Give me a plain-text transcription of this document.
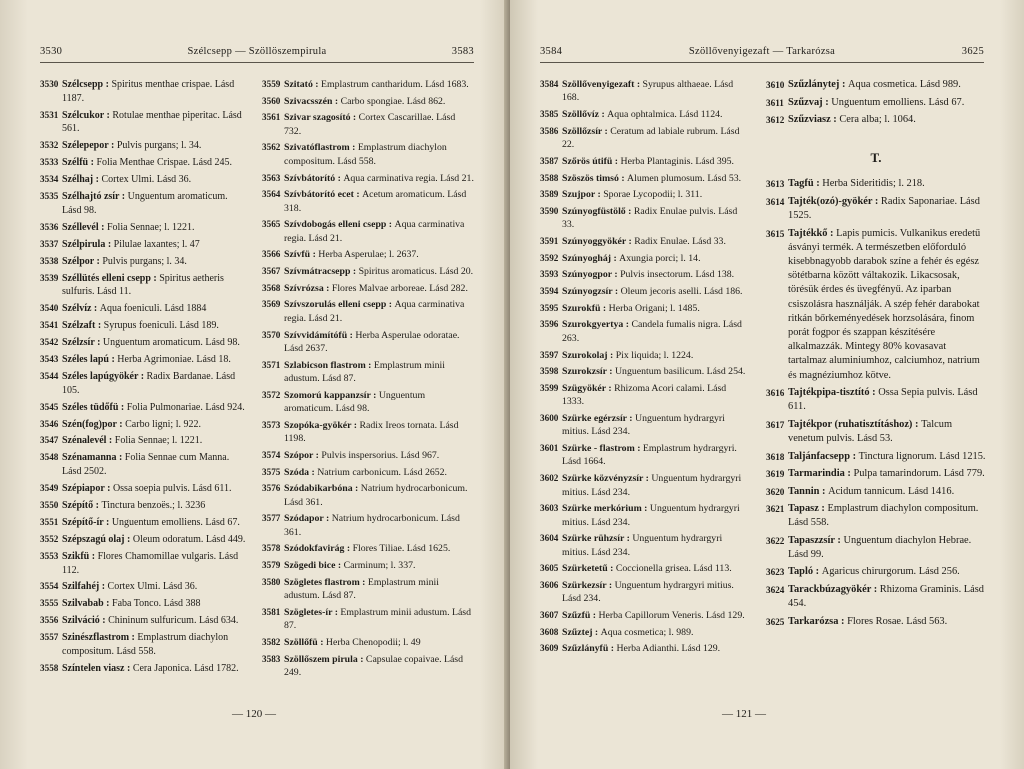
3530	Szélcsepp — Szöllöszempirula	3583
3530 Szélcsepp : Spiritus menthae crispae. Lásd 1187.
3531 Szélcukor : Rotulae menthae piperitac. Lásd 561.
3532 Szélepepor : Pulvis purgans; l. 34.
3533 Szélfü : Folia Menthae Crispae. Lásd 245.
3534 Szélhaj : Cortex Ulmi. Lásd 36.
3535 Szélhajtó zsír : Unguentum aromaticum. Lásd 98.
3536 Széllevél : Folia Sennae; l. 1221.
3537 Szélpirula : Pilulae laxantes; l. 47
3538 Szélpor : Pulvis purgans; l. 34.
3539 Széllütés elleni csepp : Spiritus aetheris sulfuris. Lásd 11.
3540 Szélvíz : Aqua foeniculi. Lásd 1884
3541 Szélzaft : Syrupus foeniculi. Lásd 189.
3542 Szélzsír : Unguentum aromaticum. Lásd 98.
3543 Széles lapú : Herba Agrimoniae. Lásd 18.
3544 Széles lapúgyökér : Radix Bardanae. Lásd 105.
3545 Széles tüdőfü : Folia Pulmonariae. Lásd 924.
3546 Szén(fog)por : Carbo ligni; l. 922.
3547 Szénalevél : Folia Sennae; l. 1221.
3548 Szénamanna : Folia Sennae cum Manna. Lásd 2502.
3549 Szépiapor : Ossa soepia pulvis. Lásd 611.
3550 Szépítő : Tinctura benzoës.; l. 3236
3551 Szépítő-ír : Unguentum emolliens. Lásd 67.
3552 Szépszagú olaj : Oleum odoratum. Lásd 449.
3553 Szikfü : Flores Chamomillae vulgaris. Lásd 112.
3554 Szilfahéj : Cortex Ulmi. Lásd 36.
3555 Szilvabab : Faba Tonco. Lásd 388
3556 Szilváció : Chininum sulfuricum. Lásd 634.
3557 Szinészflastrom : Emplastrum diachylon compositum. Lásd 558.
3558 Színtelen viasz : Cera Japonica. Lásd 1782.
3559 Szitató : Emplastrum cantharidum. Lásd 1683.
3560 Szivacsszén : Carbo spongiae. Lásd 862.
3561 Szivar szagosító : Cortex Cascarillae. Lásd 732.
3562 Szivatóflastrom : Emplastrum diachylon compositum. Lásd 558.
3563 Szívbátorító : Aqua carminativa regia. Lásd 21.
3564 Szívbátorító ecet : Acetum aromaticum. Lásd 318.
3565 Szívdobogás elleni csepp : Aqua carminativa regia. Lásd 21.
3566 Szívfü : Herba Asperulae; l. 2637.
3567 Szívmátracsepp : Spiritus aromaticus. Lásd 20.
3568 Szívrózsa : Flores Malvae arboreae. Lásd 282.
3569 Szívszorulás elleni csepp : Aqua carminativa regia. Lásd 21.
3570 Szívvidámítófü : Herba Asperulae odoratae. Lásd 2637.
3571 Szlabicson flastrom : Emplastrum minii adustum. Lásd 87.
3572 Szomorú kappanzsír : Unguentum aromaticum. Lásd 98.
3573 Szopóka-gyökér : Radix Ireos tornata. Lásd 1198.
3574 Szópor : Pulvis inspersorius. Lásd 967.
3575 Szóda : Natrium carbonicum. Lásd 2652.
3576 Szódabikarbóna : Natrium hydrocarbonicum. Lásd 361.
3577 Szódapor : Natrium hydrocarbonicum. Lásd 361.
3578 Szódokfavirág : Flores Tiliae. Lásd 1625.
3579 Szögedi bice : Carminum; l. 337.
3580 Szögletes flastrom : Emplastrum minii adustum. Lásd 87.
3581 Szögletes-ír : Emplastrum minii adustum. Lásd 87.
3582 Szöllőfü : Herba Chenopodii; l. 49
3583 Szöllőszem pirula : Capsulae copaivae. Lásd 249.
— 120 —
3584	Szöllővenyigezaft — Tarkarózsa	3625
3584 Szöllővenyigezaft : Syrupus althaeae. Lásd 168.
3585 Szöllővíz : Aqua ophtalmica. Lásd 1124.
3586 Szöllőzsír : Ceratum ad labiale rubrum. Lásd 22.
3587 Szőrös útifü : Herba Plantaginis. Lásd 395.
3588 Szöszös timsó : Alumen plumosum. Lásd 53.
3589 Szujpor : Sporae Lycopodii; l. 311.
3590 Szúnyogfüstölő : Radix Enulae pulvis. Lásd 33.
3591 Szúnyoggyökér : Radix Enulae. Lásd 33.
3592 Szúnyogháj : Axungia porci; l. 14.
3593 Szúnyogpor : Pulvis insectorum. Lásd 138.
3594 Szúnyogzsír : Oleum jecoris aselli. Lásd 186.
3595 Szurokfü : Herba Origani; l. 1485.
3596 Szurokgyertya : Candela fumalis nigra. Lásd 263.
3597 Szurokolaj : Pix liquida; l. 1224.
3598 Szurokzsír : Unguentum basilicum. Lásd 254.
3599 Szügyökér : Rhizoma Acori calami. Lásd 1333.
3600 Szürke egérzsír : Unguentum hydrargyri mitius. Lásd 234.
3601 Szürke - flastrom : Emplastrum hydrargyri. Lásd 1664.
3602 Szürke közvényzsír : Unguentum hydrargyri mitius. Lásd 234.
3603 Szürke merkórium : Unguentum hydrargyri mitius. Lásd 234.
3604 Szürke rühzsír : Unguentum hydrargyri mitius. Lásd 234.
3605 Szürketetű : Coccionella grisea. Lásd 113.
3606 Szürkezsír : Unguentum hydrargyri mitius. Lásd 234.
3607 Szűzfü : Herba Capillorum Veneris. Lásd 129.
3608 Szűztej : Aqua cosmetica; l. 989.
3609 Szűzlányfü : Herba Adianthi. Lásd 129.
3610 Szűzlánytej : Aqua cosmetica. Lásd 989.
3611 Szűzvaj : Unguentum emolliens. Lásd 67.
3612 Szűzviasz : Cera alba; l. 1064.
T.
3613 Tagfü : Herba Sideritidis; l. 218.
3614 Tajték(ozó)-gyökér : Radix Saponariae. Lásd 1525.
3615 Tajtékkő : Lapis pumicis. Vulkanikus eredetű ásványi termék. A természetben előforduló kisebbnagyobb darabok színe a fehér és egész sötétbarna között váltakozik. Likacsosak, törésük érdes és üvegfényű. Az iparban csiszolásra használják. A szép fehér darabokat ritkán bőrkeményedések horzsolására, finom porát fogpor és szappan készítésére alkalmazzák. Mintegy 80% kovasavat tartalmaz aluminiumhoz, calciumhoz, natrium és magnéziumhoz kötve.
3616 Tajtékpipa-tisztító : Ossa Sepia pulvis. Lásd 611.
3617 Tajtékpor (ruhatisztításhoz) : Talcum venetum pulvis. Lásd 53.
3618 Taljánfacsepp : Tinctura lignorum. Lásd 1215.
3619 Tarmarindia : Pulpa tamarindorum. Lásd 779.
3620 Tannin : Acidum tannicum. Lásd 1416.
3621 Tapasz : Emplastrum diachylon compositum. Lásd 558.
3622 Tapaszzsír : Unguentum diachylon Hebrae. Lásd 99.
3623 Tapló : Agaricus chirurgorum. Lásd 256.
3624 Tarackbúzagyökér : Rhizoma Graminis. Lásd 454.
3625 Tarkarózsa : Flores Rosae. Lásd 563.
— 121 —
